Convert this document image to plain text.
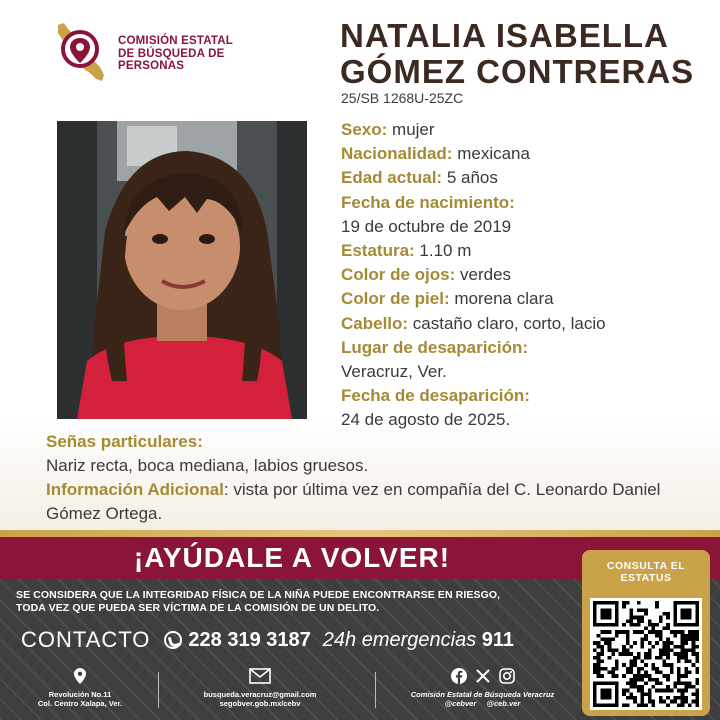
COMISIÓN ESTATAL
DE BÚSQUEDA DE
PERSONAS
NATALIA ISABELLA
GÓMEZ CONTRERAS
25/SB 1268U-25ZC
Sexo: mujer
Nacionalidad: mexicana
Edad actual: 5 años
Fecha de nacimiento:
19 de octubre de 2019
Estatura: 1.10 m
Color de ojos: verdes
Color de piel: morena clara
Cabello: castaño claro, corto, lacio
Lugar de desaparición:
Veracruz, Ver.
Fecha de desaparición:
24 de agosto de 2025.
Señas particulares:
Nariz recta, boca mediana, labios gruesos.
Información Adicional: vista por última vez en compañía del C. Leonardo Daniel Gómez Ortega.
¡AYÚDALE A VOLVER!
SE CONSIDERA QUE LA INTEGRIDAD FÍSICA DE LA NIÑA PUEDE ENCONTRARSE EN RIESGO,
TODA VEZ QUE PUEDA SER VÍCTIMA DE LA COMISIÓN DE UN DELITO.
CONTACTO 228 319 3187 24h emergencias 911
Revolución No.11
Col. Centro Xalapa, Ver.
busqueda.veracruz@gmail.com
segobver.gob.mx/cebv
Comisión Estatal de Búsqueda Veracruz
@cebver @ceb.ver
CONSULTA EL
ESTATUS
